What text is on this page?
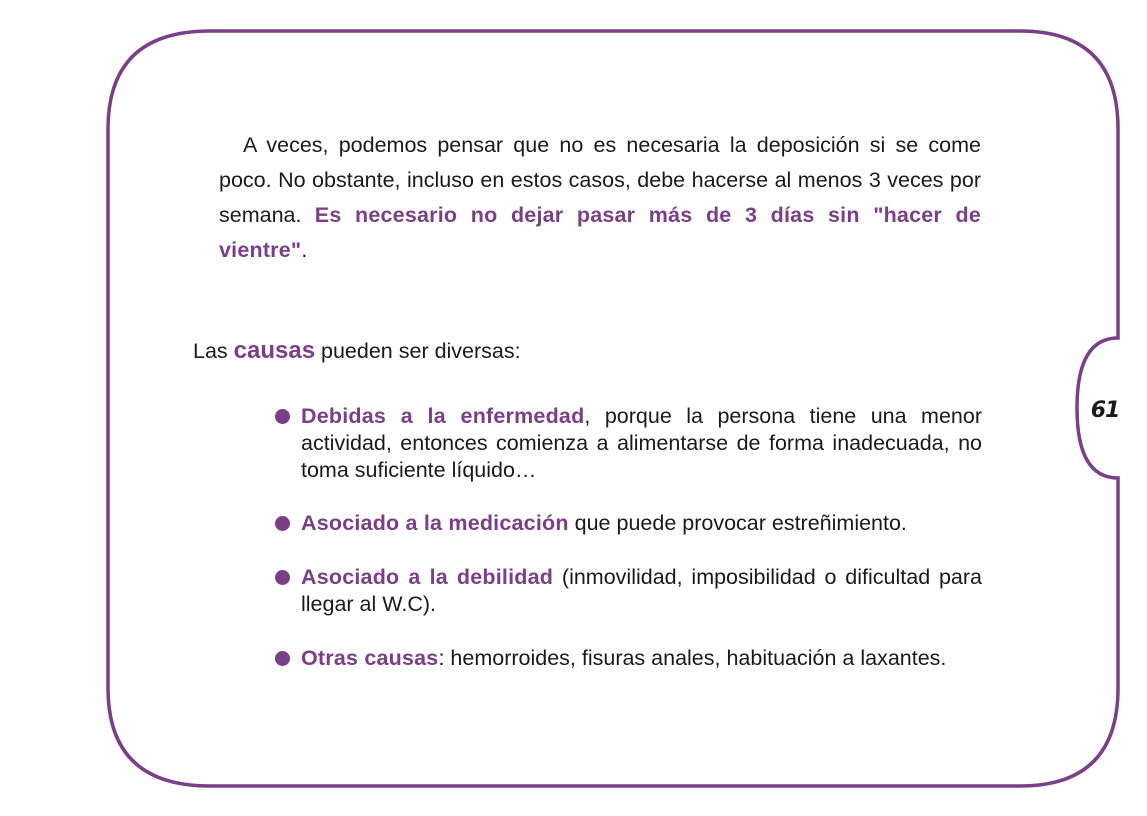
61

A veces, podemos pensar que no es necesaria la deposición si se come poco. No obstante, incluso en estos casos, debe hacerse al menos 3 veces por semana. Es necesario no dejar pasar más de 3 días sin "hacer de vientre".

Las causas pueden ser diversas:

Debidas a la enfermedad, porque la persona tiene una menor actividad, entonces comienza a alimentarse de forma inadecuada, no toma suficiente líquido…
Asociado a la medicación que puede provocar estreñimiento.
Asociado a la debilidad (inmovilidad, imposibilidad o dificultad para llegar al W.C).
Otras causas: hemorroides, fisuras anales, habituación a laxantes.
